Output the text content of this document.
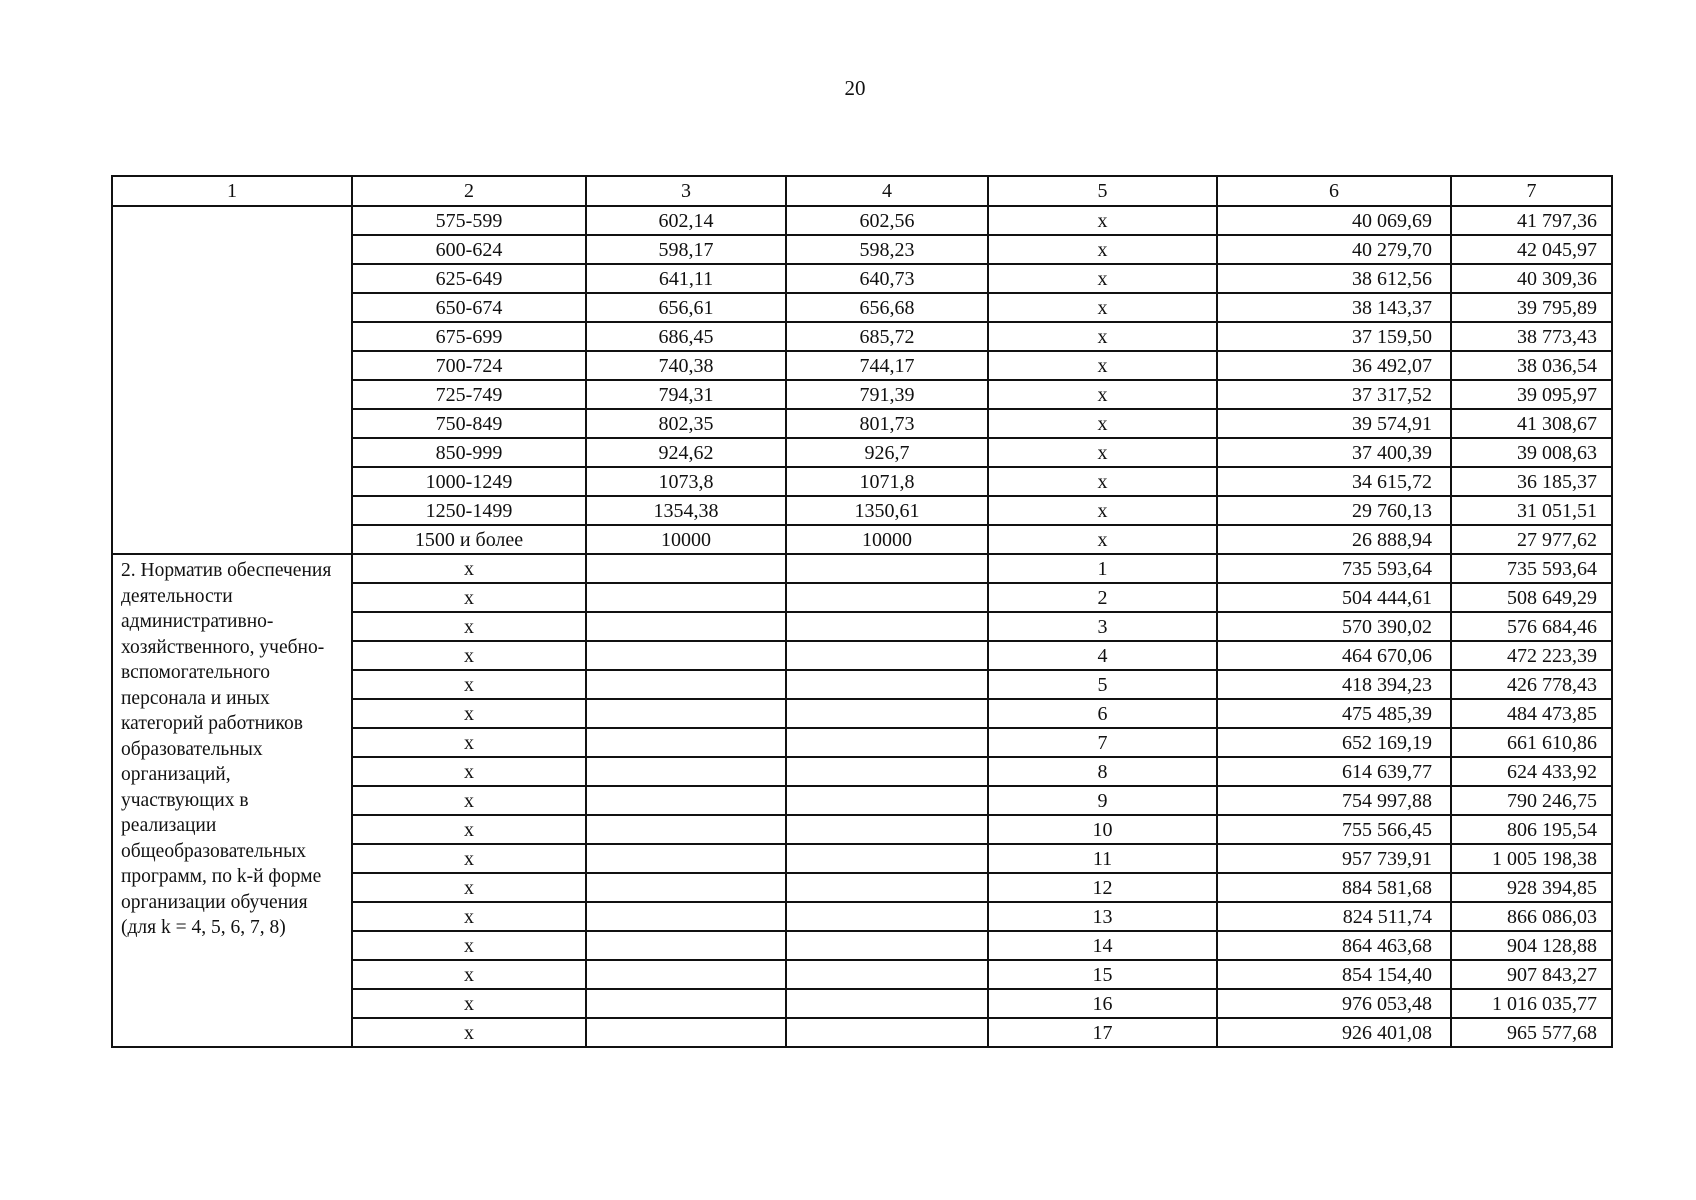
20
1	2	3	4	5	6	7
	575-599	602,14	602,56	х	40 069,69	41 797,36
	600-624	598,17	598,23	х	40 279,70	42 045,97
	625-649	641,11	640,73	х	38 612,56	40 309,36
	650-674	656,61	656,68	х	38 143,37	39 795,89
	675-699	686,45	685,72	х	37 159,50	38 773,43
	700-724	740,38	744,17	х	36 492,07	38 036,54
	725-749	794,31	791,39	х	37 317,52	39 095,97
	750-849	802,35	801,73	х	39 574,91	41 308,67
	850-999	924,62	926,7	х	37 400,39	39 008,63
	1000-1249	1073,8	1071,8	х	34 615,72	36 185,37
	1250-1499	1354,38	1350,61	х	29 760,13	31 051,51
	1500 и более	10000	10000	х	26 888,94	27 977,62
2. Норматив обеспечения деятельности административно-хозяйственного, учебно-вспомогательного персонала и иных категорий работников образовательных организаций, участвующих в реализации общеобразовательных программ, по k-й форме организации обучения (для k = 4, 5, 6, 7, 8)	х			1	735 593,64	735 593,64
	х			2	504 444,61	508 649,29
	х			3	570 390,02	576 684,46
	х			4	464 670,06	472 223,39
	х			5	418 394,23	426 778,43
	х			6	475 485,39	484 473,85
	х			7	652 169,19	661 610,86
	х			8	614 639,77	624 433,92
	х			9	754 997,88	790 246,75
	х			10	755 566,45	806 195,54
	х			11	957 739,91	1 005 198,38
	х			12	884 581,68	928 394,85
	х			13	824 511,74	866 086,03
	х			14	864 463,68	904 128,88
	х			15	854 154,40	907 843,27
	х			16	976 053,48	1 016 035,77
	х			17	926 401,08	965 577,68
